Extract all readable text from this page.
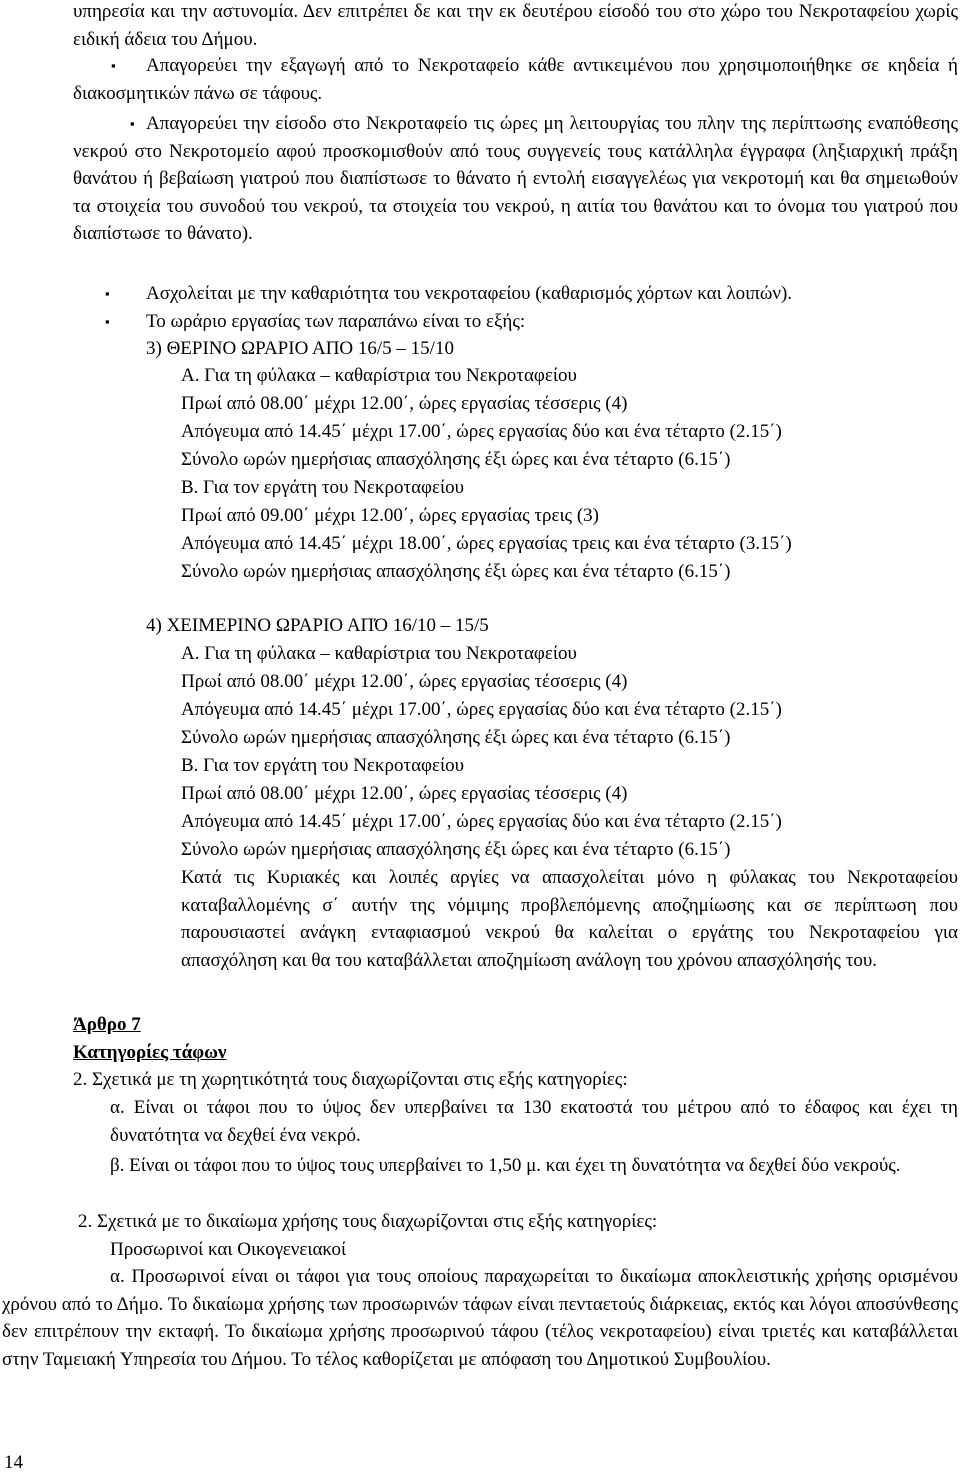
υπηρεσία και την αστυνομία. Δεν επιτρέπει δε και την εκ δευτέρου είσοδό του στο χώρο του Νεκροταφείου χωρίς ειδική άδεια του Δήμου.
▪	Απαγορεύει την εξαγωγή από το Νεκροταφείο κάθε αντικειμένου που χρησιμοποιήθηκε σε κηδεία ή διακοσμητικών πάνω σε τάφους.
▪ Απαγορεύει την είσοδο στο Νεκροταφείο τις ώρες μη λειτουργίας του πλην της περίπτωσης εναπόθεσης νεκρού στο Νεκροτομείο αφού προσκομισθούν από τους συγγενείς τους κατάλληλα έγγραφα (ληξιαρχική πράξη θανάτου ή βεβαίωση γιατρού που διαπίστωσε το θάνατο ή εντολή εισαγγελέως για νεκροτομή και θα σημειωθούν τα στοιχεία του συνοδού του νεκρού, τα στοιχεία του νεκρού, η αιτία του θανάτου και το όνομα του γιατρού που διαπίστωσε το θάνατο).
▪ Ασχολείται με την καθαριότητα του νεκροταφείου (καθαρισμός χόρτων και λοιπών).
▪ Το ωράριο εργασίας των παραπάνω είναι το εξής:
3) ΘΕΡΙΝΟ ΩΡΑΡΙΟ ΑΠΟ 16/5 – 15/10
Α. Για τη φύλακα – καθαρίστρια του Νεκροταφείου
Πρωί από 08.00΄ μέχρι 12.00΄, ώρες εργασίας τέσσερις (4)
Απόγευμα από 14.45΄ μέχρι 17.00΄, ώρες εργασίας δύο και ένα τέταρτο (2.15΄)
Σύνολο ωρών ημερήσιας απασχόλησης έξι ώρες και ένα τέταρτο (6.15΄)
Β. Για τον εργάτη του Νεκροταφείου
Πρωί από 09.00΄ μέχρι 12.00΄, ώρες εργασίας τρεις (3)
Απόγευμα από 14.45΄ μέχρι 18.00΄, ώρες εργασίας τρεις και ένα τέταρτο (3.15΄)
Σύνολο ωρών ημερήσιας απασχόλησης έξι ώρες και ένα τέταρτο (6.15΄)
4) ΧΕΙΜΕΡΙΝΟ ΩΡΑΡΙΟ ΑΠΌ 16/10 – 15/5
Α. Για τη φύλακα – καθαρίστρια του Νεκροταφείου
Πρωί από 08.00΄ μέχρι 12.00΄, ώρες εργασίας τέσσερις (4)
Απόγευμα από 14.45΄ μέχρι 17.00΄, ώρες εργασίας δύο και ένα τέταρτο (2.15΄)
Σύνολο ωρών ημερήσιας απασχόλησης έξι ώρες και ένα τέταρτο (6.15΄)
Β. Για τον εργάτη του Νεκροταφείου
Πρωί από 08.00΄ μέχρι 12.00΄, ώρες εργασίας τέσσερις (4)
Απόγευμα από 14.45΄ μέχρι 17.00΄, ώρες εργασίας δύο και ένα τέταρτο (2.15΄)
Σύνολο ωρών ημερήσιας απασχόλησης έξι ώρες και ένα τέταρτο (6.15΄)
Κατά τις Κυριακές και λοιπές αργίες να απασχολείται μόνο η φύλακας του Νεκροταφείου καταβαλλομένης σ΄ αυτήν της νόμιμης προβλεπόμενης αποζημίωσης και σε περίπτωση που παρουσιαστεί ανάγκη ενταφιασμού νεκρού θα καλείται ο εργάτης του Νεκροταφείου για απασχόληση και θα του καταβάλλεται αποζημίωση ανάλογη του χρόνου απασχόλησής του.
Άρθρο 7
Κατηγορίες τάφων
2. Σχετικά με τη χωρητικότητά τους διαχωρίζονται στις εξής κατηγορίες:
α. Είναι οι τάφοι που το ύψος δεν υπερβαίνει τα 130 εκατοστά του μέτρου από το έδαφος και έχει τη δυνατότητα να δεχθεί ένα νεκρό.
β. Είναι οι τάφοι που το ύψος τους υπερβαίνει το 1,50 μ. και έχει τη δυνατότητα να δεχθεί δύο νεκρούς.
2. Σχετικά με το δικαίωμα χρήσης τους διαχωρίζονται στις εξής κατηγορίες:
Προσωρινοί και Οικογενειακοί
α. Προσωρινοί είναι οι τάφοι για τους οποίους παραχωρείται το δικαίωμα αποκλειστικής χρήσης ορισμένου χρόνου από το Δήμο. Το δικαίωμα χρήσης των προσωρινών τάφων είναι πενταετούς διάρκειας, εκτός και λόγοι αποσύνθεσης δεν επιτρέπουν την εκταφή. Το δικαίωμα χρήσης προσωρινού τάφου (τέλος νεκροταφείου) είναι τριετές και καταβάλλεται στην Ταμειακή Υπηρεσία του Δήμου. Το τέλος καθορίζεται με απόφαση του Δημοτικού Συμβουλίου.
14
